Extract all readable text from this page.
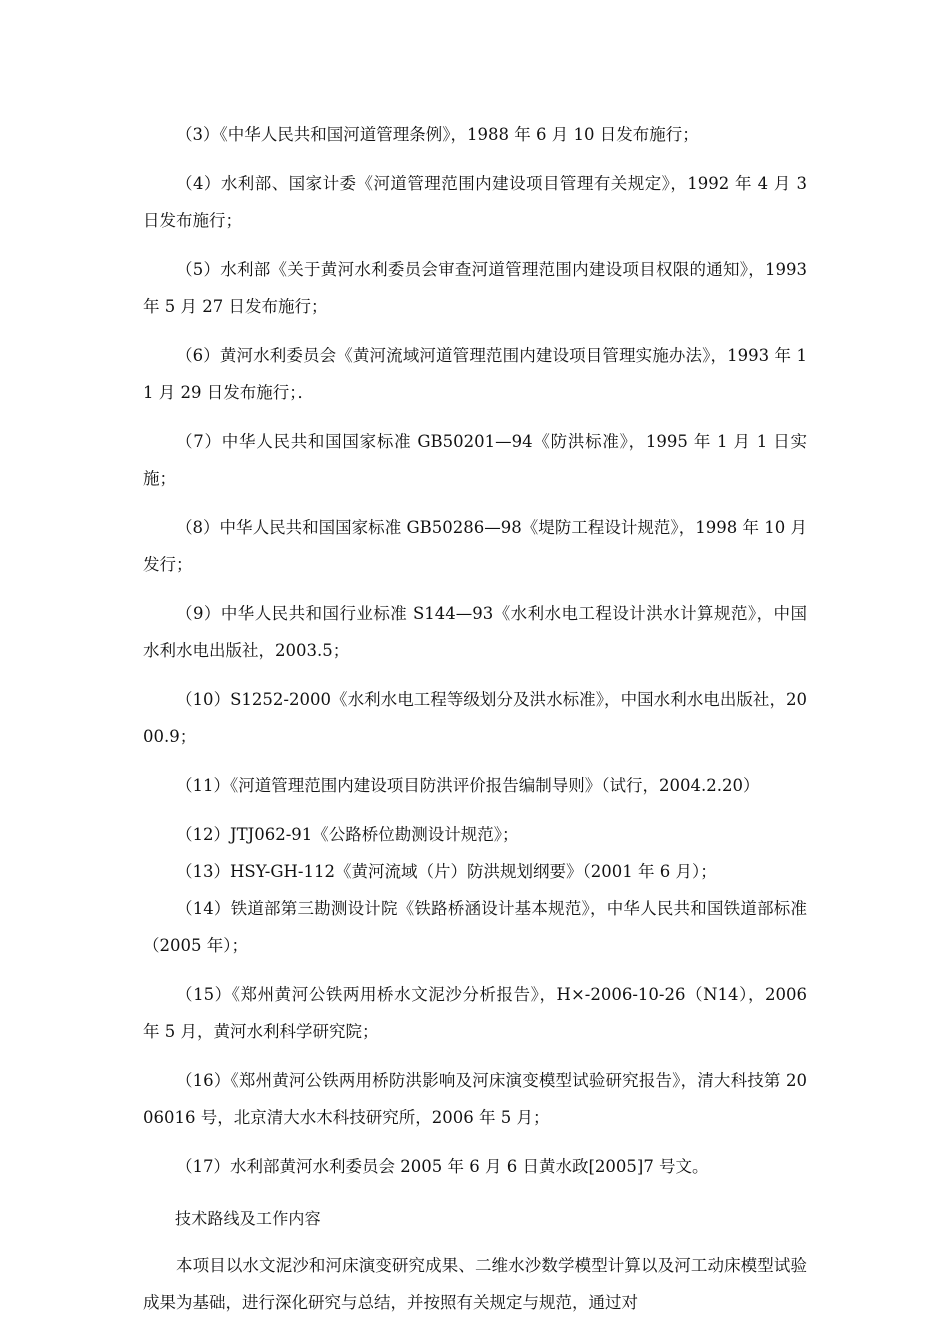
（3）《中华人民共和国河道管理条例》，1988 年 6 月 10 日发布施行；

（4）水利部、国家计委《河道管理范围内建设项目管理有关规定》，1992 年 4 月 3 日发布施行；

（5）水利部《关于黄河水利委员会审查河道管理范围内建设项目权限的通知》，1993 年 5 月 27 日发布施行；

（6）黄河水利委员会《黄河流域河道管理范围内建设项目管理实施办法》，1993 年 11 月 29 日发布施行；．

（7）中华人民共和国国家标准 GB50201—94《防洪标准》，1995 年 1 月 1 日实施；

（8）中华人民共和国国家标准 GB50286—98《堤防工程设计规范》，1998 年 10 月发行；

（9）中华人民共和国行业标准 S144—93《水利水电工程设计洪水计算规范》，中国水利水电出版社，2003.5；

（10）S1252-2000《水利水电工程等级划分及洪水标准》，中国水利水电出版社，2000.9；

（11）《河道管理范围内建设项目防洪评价报告编制导则》（试行，2004.2.20）

（12）JTJ062-91《公路桥位勘测设计规范》；

（13）HSY-GH-112《黄河流域（片）防洪规划纲要》（2001 年 6 月）；

（14）铁道部第三勘测设计院《铁路桥涵设计基本规范》，中华人民共和国铁道部标准（2005 年）；

（15）《郑州黄河公铁两用桥水文泥沙分析报告》，H×-2006-10-26（N14），2006 年 5 月，黄河水利科学研究院；

（16）《郑州黄河公铁两用桥防洪影响及河床演变模型试验研究报告》，清大科技第 2006016 号，北京清大水木科技研究所，2006 年 5 月；

（17）水利部黄河水利委员会 2005 年 6 月 6 日黄水政[2005]7 号文。

技术路线及工作内容

本项目以水文泥沙和河床演变研究成果、二维水沙数学模型计算以及河工动床模型试验成果为基础，进行深化研究与总结，并按照有关规定与规范，通过对
